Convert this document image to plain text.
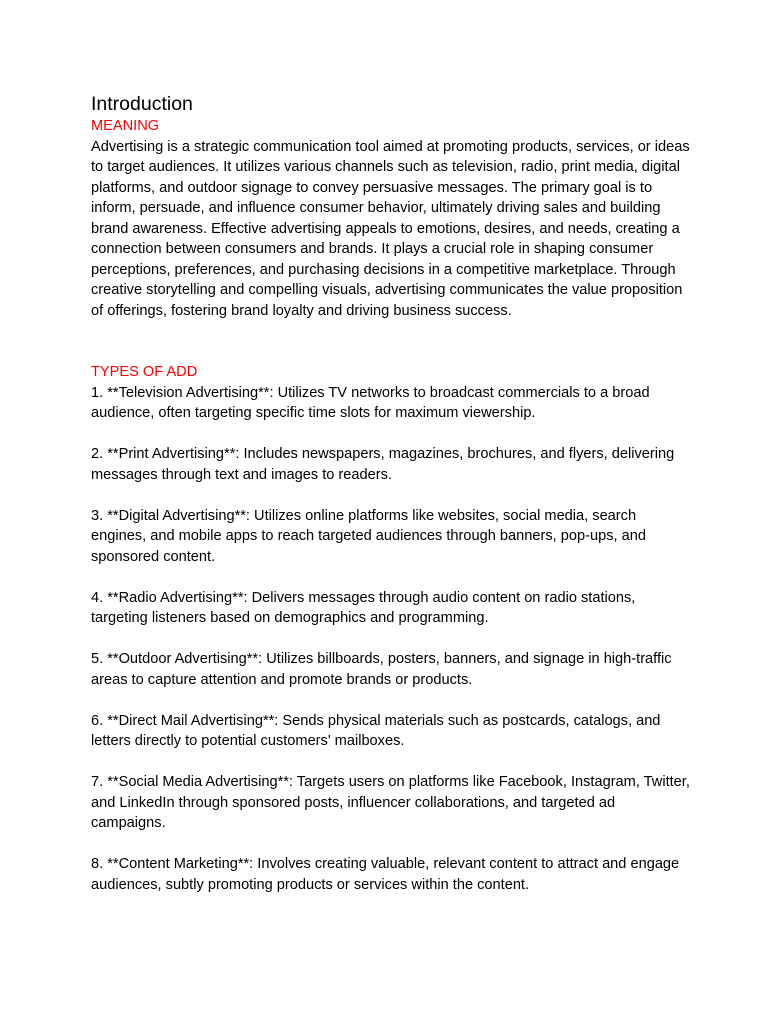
Introduction
MEANING

Advertising is a strategic communication tool aimed at promoting products, services, or ideas to target audiences. It utilizes various channels such as television, radio, print media, digital platforms, and outdoor signage to convey persuasive messages. The primary goal is to inform, persuade, and influence consumer behavior, ultimately driving sales and building brand awareness. Effective advertising appeals to emotions, desires, and needs, creating a connection between consumers and brands. It plays a crucial role in shaping consumer perceptions, preferences, and purchasing decisions in a competitive marketplace. Through creative storytelling and compelling visuals, advertising communicates the value proposition of offerings, fostering brand loyalty and driving business success.

TYPES OF ADD
1. **Television Advertising**: Utilizes TV networks to broadcast commercials to a broad audience, often targeting specific time slots for maximum viewership.
2. **Print Advertising**: Includes newspapers, magazines, brochures, and flyers, delivering messages through text and images to readers.
3. **Digital Advertising**: Utilizes online platforms like websites, social media, search engines, and mobile apps to reach targeted audiences through banners, pop-ups, and sponsored content.
4. **Radio Advertising**: Delivers messages through audio content on radio stations, targeting listeners based on demographics and programming.
5. **Outdoor Advertising**: Utilizes billboards, posters, banners, and signage in high-traffic areas to capture attention and promote brands or products.
6. **Direct Mail Advertising**: Sends physical materials such as postcards, catalogs, and letters directly to potential customers' mailboxes.
7. **Social Media Advertising**: Targets users on platforms like Facebook, Instagram, Twitter, and LinkedIn through sponsored posts, influencer collaborations, and targeted ad campaigns.
8. **Content Marketing**: Involves creating valuable, relevant content to attract and engage audiences, subtly promoting products or services within the content.
